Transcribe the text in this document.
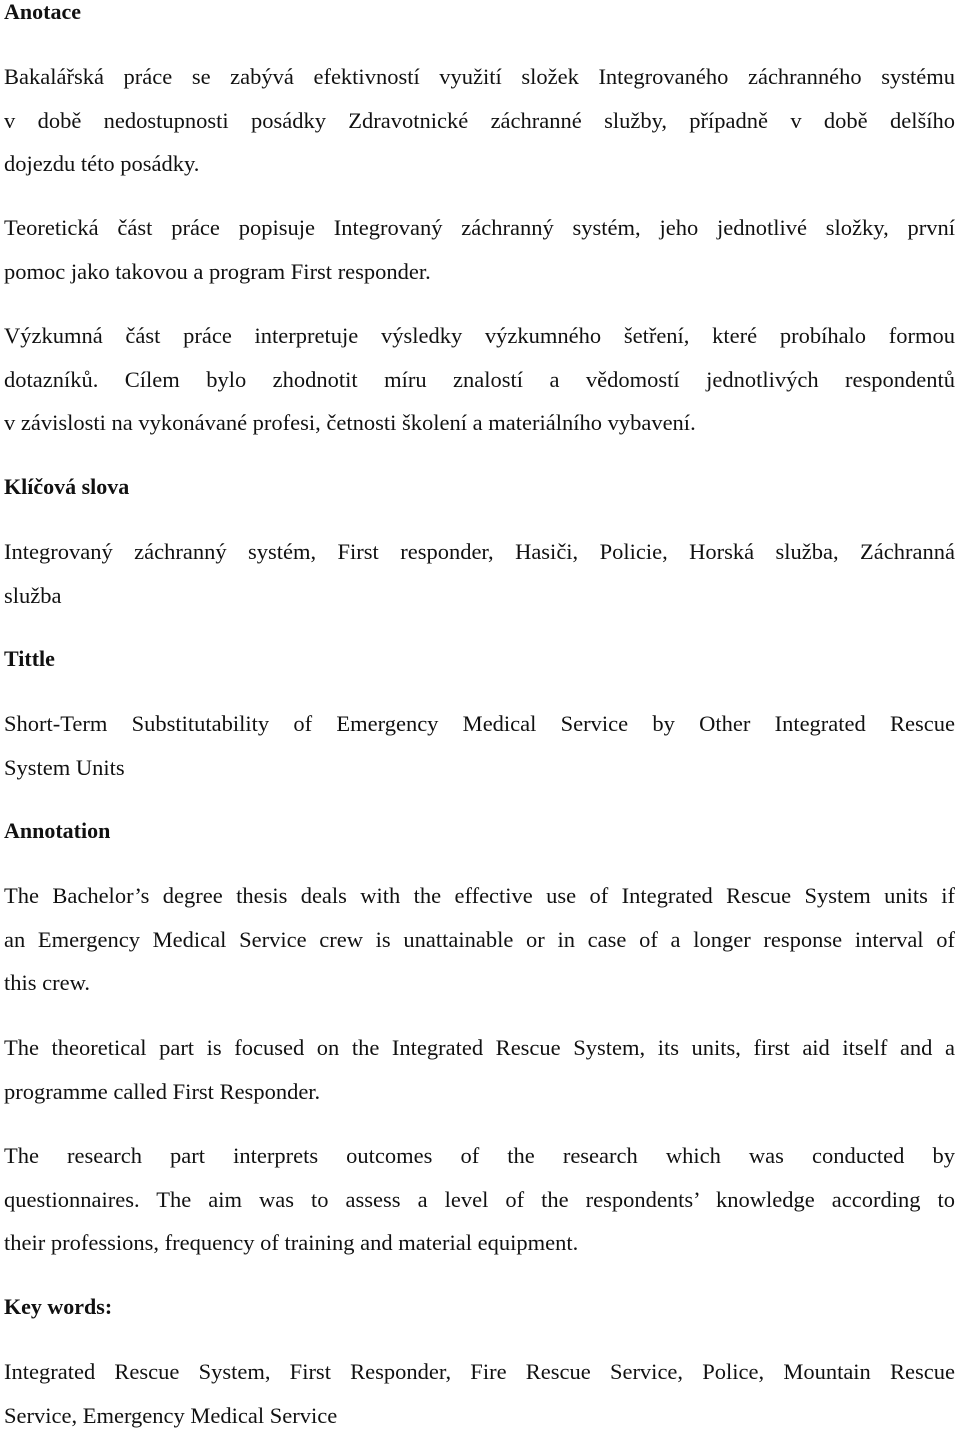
Anotace

Bakalářská práce se zabývá efektivností využití složek Integrovaného záchranného systému
v době nedostupnosti posádky Zdravotnické záchranné služby, případně v době delšího
dojezdu této posádky.

Teoretická část práce popisuje Integrovaný záchranný systém, jeho jednotlivé složky, první
pomoc jako takovou a program First responder.

Výzkumná část práce interpretuje výsledky výzkumného šetření, které probíhalo formou
dotazníků. Cílem bylo zhodnotit míru znalostí a vědomostí jednotlivých respondentů
v závislosti na vykonávané profesi, četnosti školení a materiálního vybavení.

Klíčová slova

Integrovaný záchranný systém, First responder, Hasiči, Policie, Horská služba, Záchranná
služba

Tittle

Short-Term Substitutability of Emergency Medical Service by Other Integrated Rescue
System Units

Annotation

The Bachelor’s degree thesis deals with the effective use of Integrated Rescue System units if
an Emergency Medical Service crew is unattainable or in case of a longer response interval of
this crew.

The theoretical part is focused on the Integrated Rescue System, its units, first aid itself and a
programme called First Responder.

The research part interprets outcomes of the research which was conducted by
questionnaires. The aim was to assess a level of the respondents’ knowledge according to
their professions, frequency of training and material equipment.

Key words:

Integrated Rescue System, First Responder, Fire Rescue Service, Police, Mountain Rescue
Service, Emergency Medical Service
